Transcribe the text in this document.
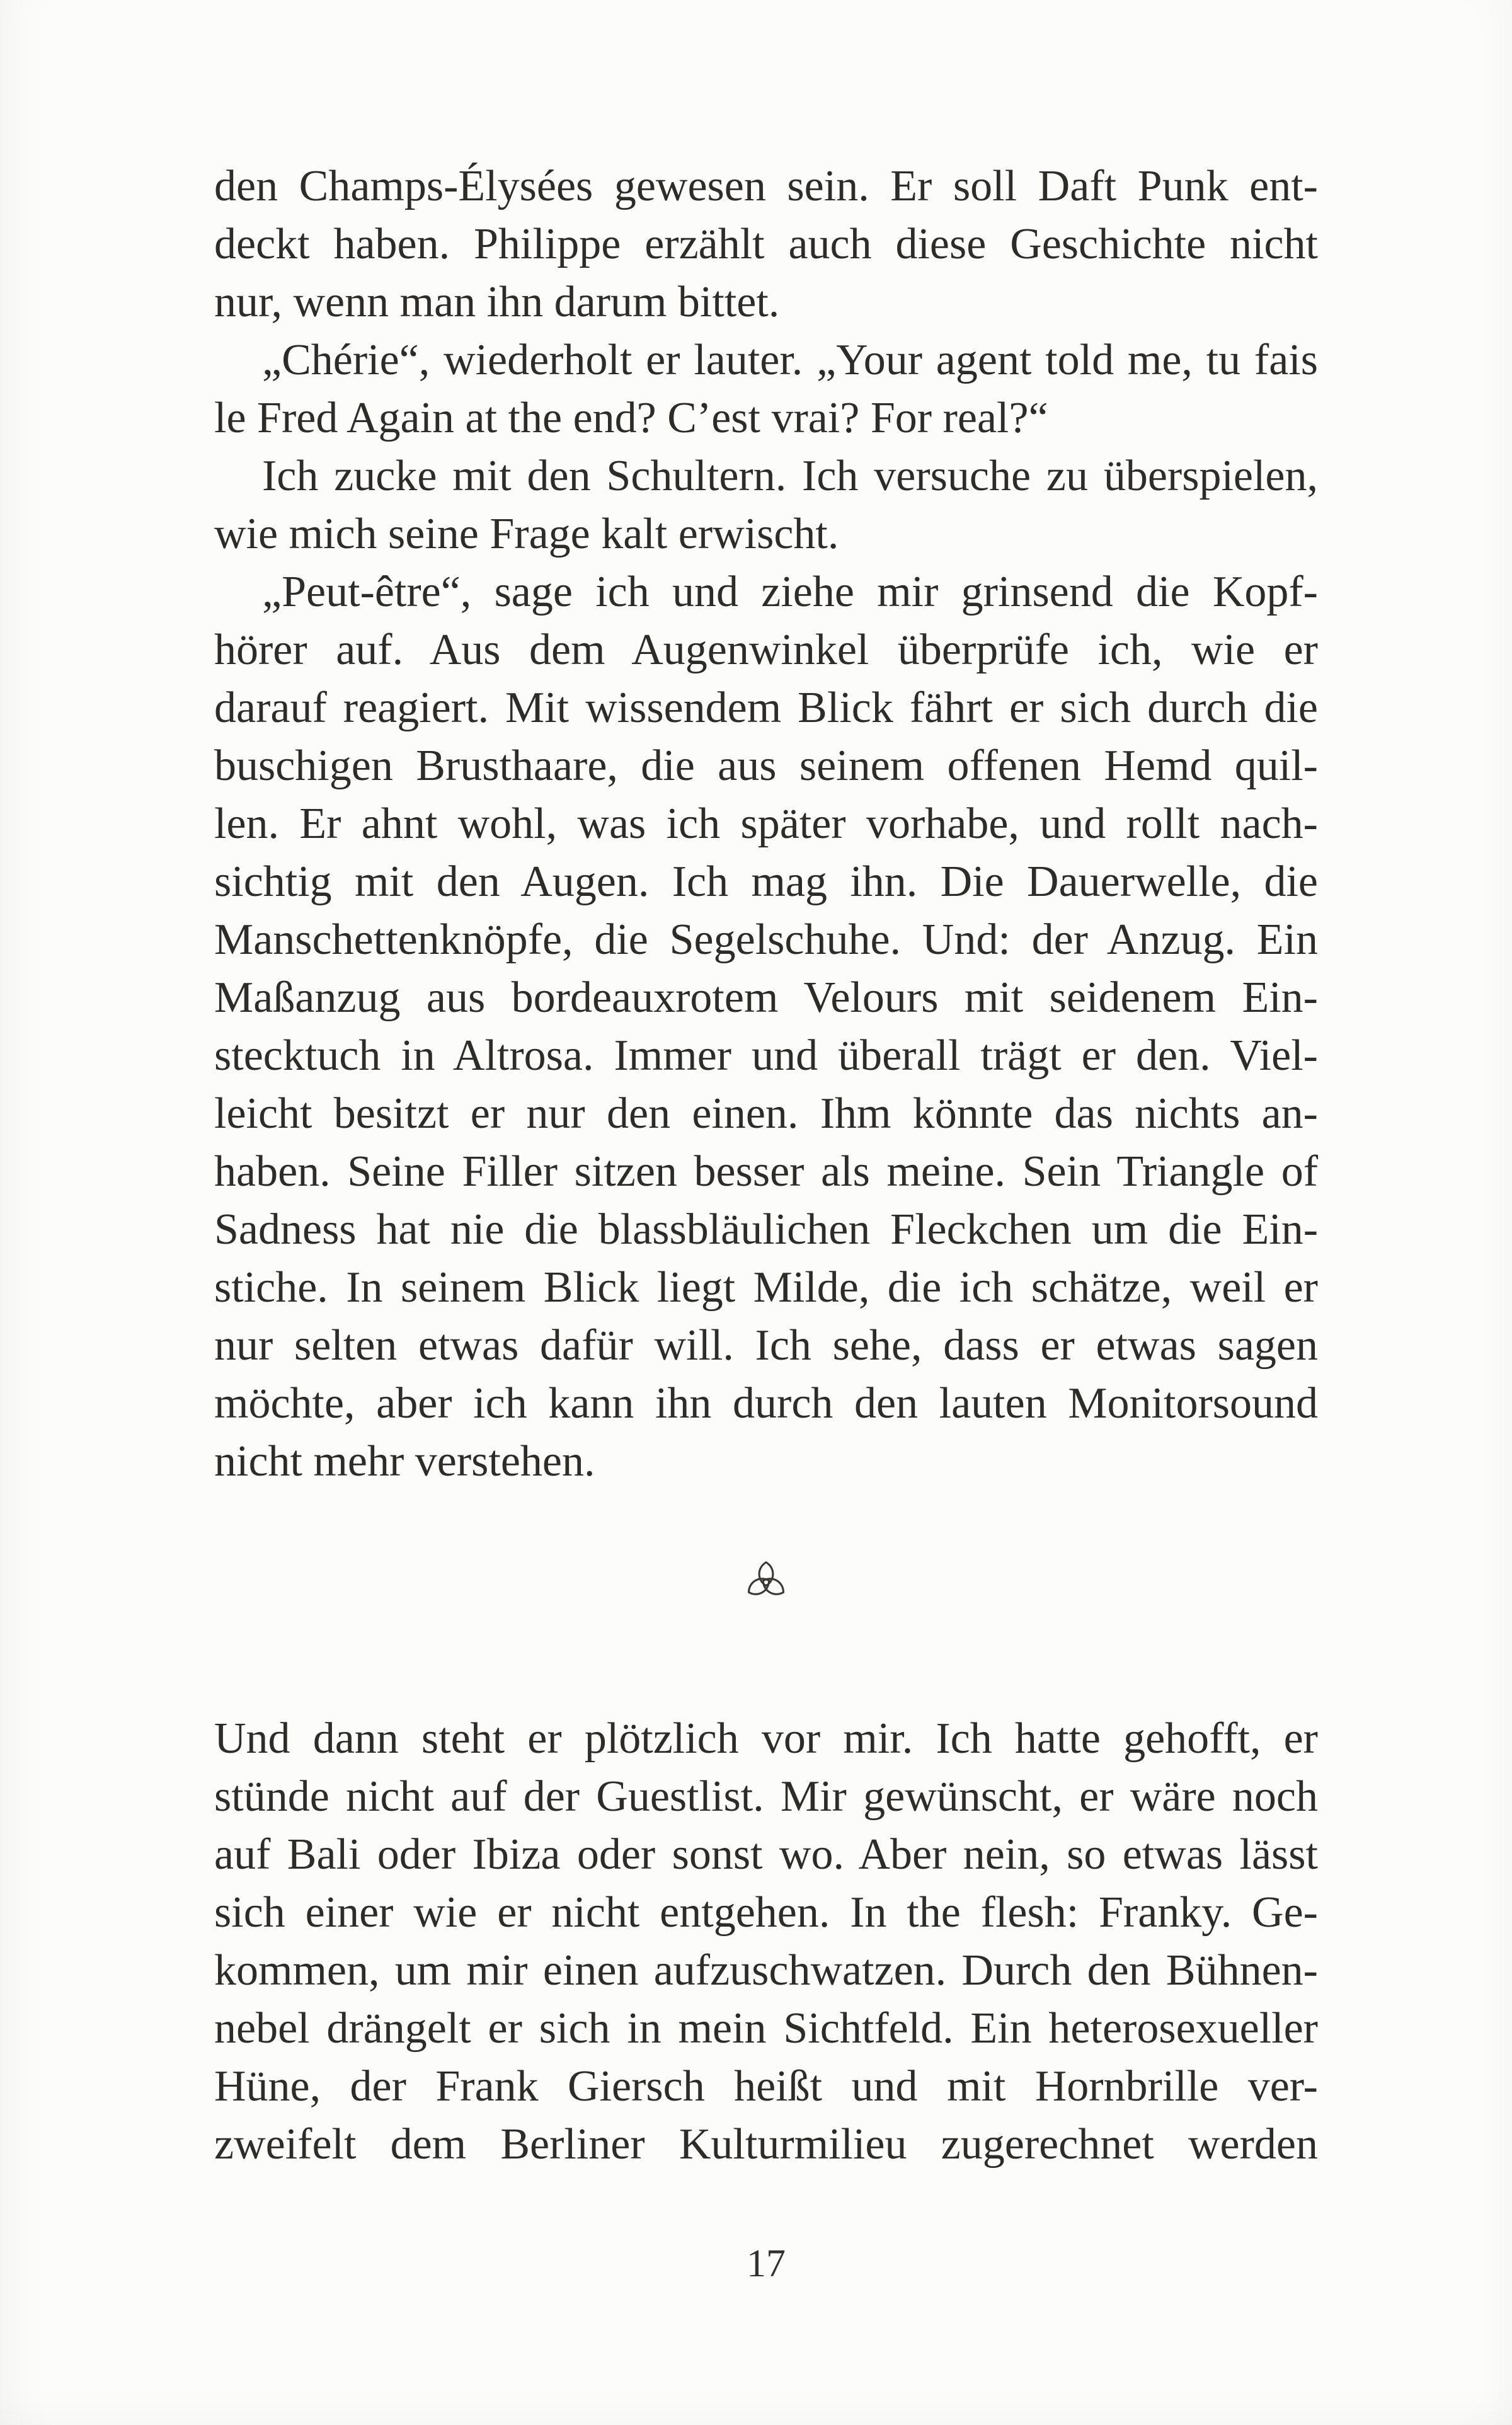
den Champs-Élysées gewesen sein. Er soll Daft Punk ent-
deckt haben. Philippe erzählt auch diese Geschichte nicht
nur, wenn man ihn darum bittet.
„Chérie“, wiederholt er lauter. „Your agent told me, tu fais
le Fred Again at the end? C’est vrai? For real?“
Ich zucke mit den Schultern. Ich versuche zu überspielen,
wie mich seine Frage kalt erwischt.
„Peut-être“, sage ich und ziehe mir grinsend die Kopf-
hörer auf. Aus dem Augenwinkel überprüfe ich, wie er
darauf reagiert. Mit wissendem Blick fährt er sich durch die
buschigen Brusthaare, die aus seinem offenen Hemd quil-
len. Er ahnt wohl, was ich später vorhabe, und rollt nach-
sichtig mit den Augen. Ich mag ihn. Die Dauerwelle, die
Manschettenknöpfe, die Segelschuhe. Und: der Anzug. Ein
Maßanzug aus bordeauxrotem Velours mit seidenem Ein-
stecktuch in Altrosa. Immer und überall trägt er den. Viel-
leicht besitzt er nur den einen. Ihm könnte das nichts an-
haben. Seine Filler sitzen besser als meine. Sein Triangle of
Sadness hat nie die blassbläulichen Fleckchen um die Ein-
stiche. In seinem Blick liegt Milde, die ich schätze, weil er
nur selten etwas dafür will. Ich sehe, dass er etwas sagen
möchte, aber ich kann ihn durch den lauten Monitorsound
nicht mehr verstehen.
Und dann steht er plötzlich vor mir. Ich hatte gehofft, er
stünde nicht auf der Guestlist. Mir gewünscht, er wäre noch
auf Bali oder Ibiza oder sonst wo. Aber nein, so etwas lässt
sich einer wie er nicht entgehen. In the flesh: Franky. Ge-
kommen, um mir einen aufzuschwatzen. Durch den Bühnen-
nebel drängelt er sich in mein Sichtfeld. Ein heterosexueller
Hüne, der Frank Giersch heißt und mit Hornbrille ver-
zweifelt dem Berliner Kulturmilieu zugerechnet werden
17
